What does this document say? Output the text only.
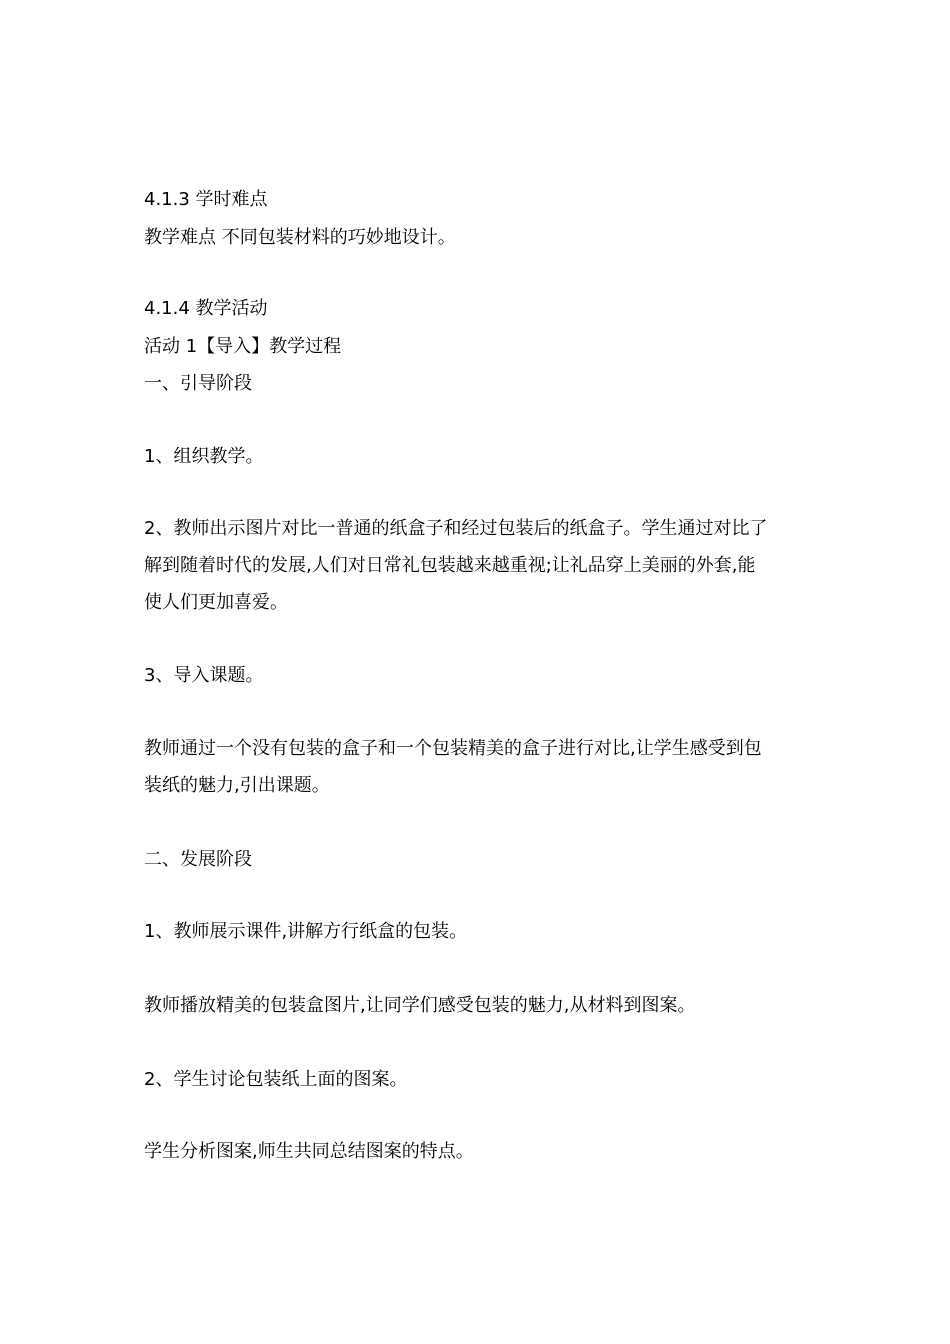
4.1.3 学时难点
教学难点 不同包装材料的巧妙地设计。
4.1.4 教学活动
活动 1【导入】教学过程
一、引导阶段
1、组织教学。
2、教师出示图片对比一普通的纸盒子和经过包装后的纸盒子。学生通过对比了
解到随着时代的发展,人们对日常礼包装越来越重视;让礼品穿上美丽的外套,能
使人们更加喜爱。
3、导入课题。
教师通过一个没有包装的盒子和一个包装精美的盒子进行对比,让学生感受到包
装纸的魅力,引出课题。
二、发展阶段
1、教师展示课件,讲解方行纸盒的包装。
教师播放精美的包装盒图片,让同学们感受包装的魅力,从材料到图案。
2、学生讨论包装纸上面的图案。
学生分析图案,师生共同总结图案的特点。
